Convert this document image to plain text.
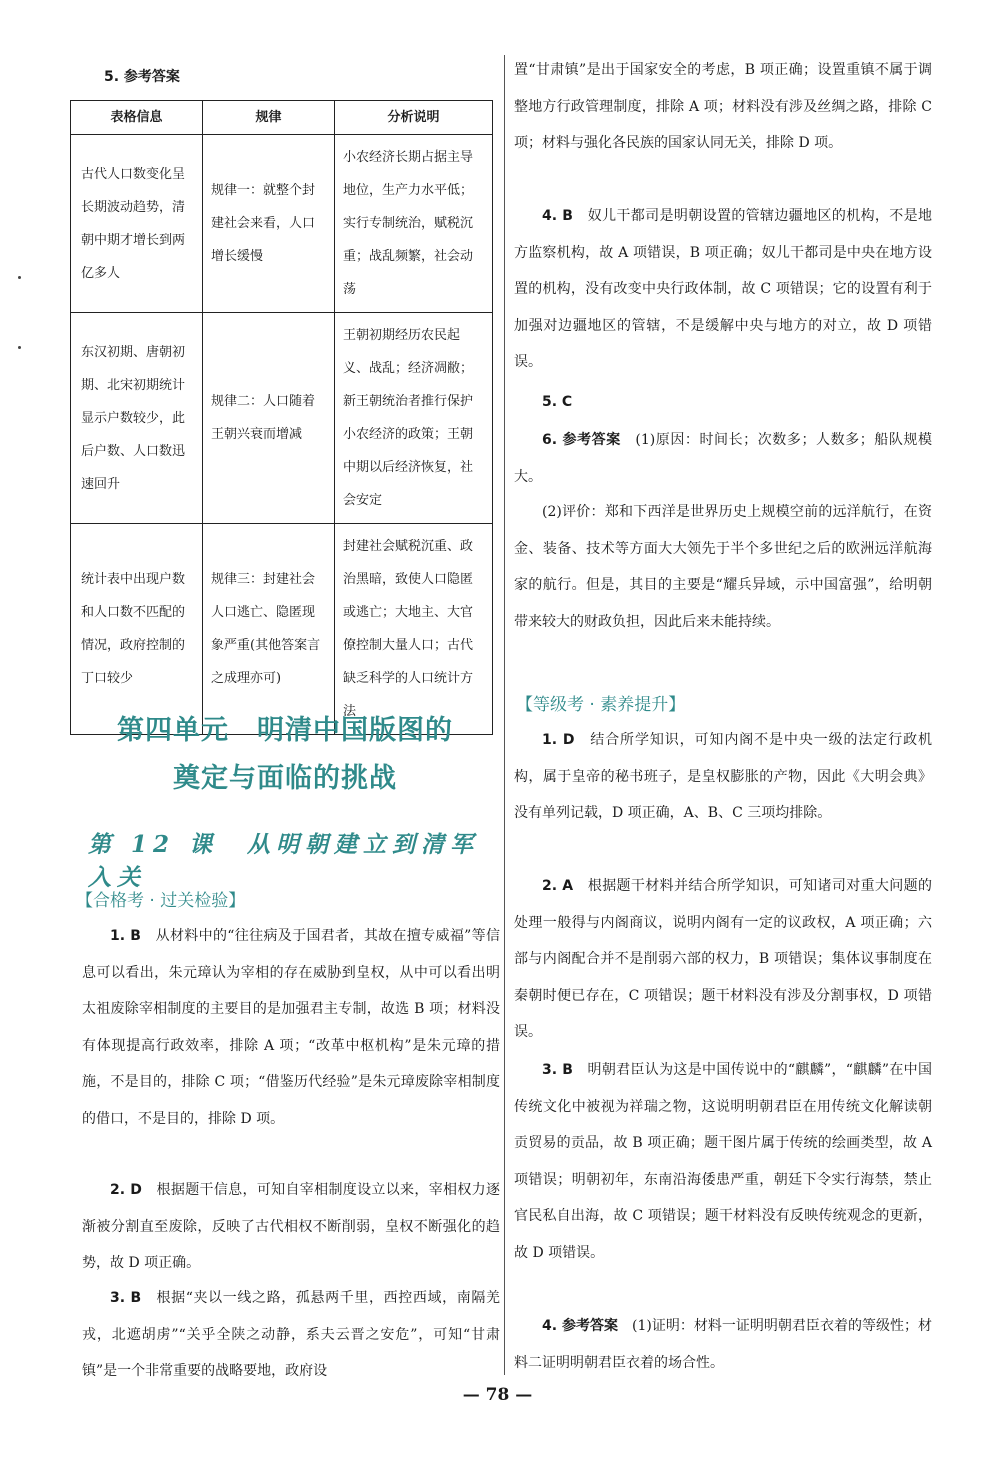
5. 参考答案
表格信息	规律	分析说明
古代人口数变化呈长期波动趋势，清朝中期才增长到两亿多人	规律一：就整个封建社会来看，人口增长缓慢	小农经济长期占据主导地位，生产力水平低；实行专制统治，赋税沉重；战乱频繁，社会动荡
东汉初期、唐朝初期、北宋初期统计显示户数较少，此后户数、人口数迅速回升	规律二：人口随着王朝兴衰而增减	王朝初期经历农民起义、战乱；经济凋敝；新王朝统治者推行保护小农经济的政策；王朝中期以后经济恢复，社会安定
统计表中出现户数和人口数不匹配的情况，政府控制的丁口较少	规律三：封建社会人口逃亡、隐匿现象严重(其他答案言之成理亦可)	封建社会赋税沉重、政治黑暗，致使人口隐匿或逃亡；大地主、大官僚控制大量人口；古代缺乏科学的人口统计方法
第四单元　明清中国版图的
奠定与面临的挑战
第 12 课　从明朝建立到清军入关
【合格考 · 过关检验】

1. B　 从材料中的“往往病及于国君者，其故在擅专威福”等信息可以看出，朱元璋认为宰相的存在威胁到皇权，从中可以看出明太祖废除宰相制度的主要目的是加强君主专制，故选 B 项；材料没有体现提高行政效率，排除 A 项；“改革中枢机构”是朱元璋的措施，不是目的，排除 C 项；“借鉴历代经验”是朱元璋废除宰相制度的借口，不是目的，排除 D 项。

2. D　 根据题干信息，可知自宰相制度设立以来，宰相权力逐渐被分割直至废除，反映了古代相权不断削弱，皇权不断强化的趋势，故 D 项正确。

3. B　 根据“夹以一线之路，孤悬两千里，西控西域，南隔羌戎，北遮胡虏”“关乎全陕之动静，系夫云晋之安危”，可知“甘肃镇”是一个非常重要的战略要地，政府设

置“甘肃镇”是出于国家安全的考虑，B 项正确；设置重镇不属于调整地方行政管理制度，排除 A 项；材料没有涉及丝绸之路，排除 C 项；材料与强化各民族的国家认同无关，排除 D 项。

4. B　 奴儿干都司是明朝设置的管辖边疆地区的机构，不是地方监察机构，故 A 项错误，B 项正确；奴儿干都司是中央在地方设置的机构，没有改变中央行政体制，故 C 项错误；它的设置有利于加强对边疆地区的管辖，不是缓解中央与地方的对立，故 D 项错误。

5. C

6. 参考答案　 (1)原因：时间长；次数多；人数多；船队规模大。

(2)评价：郑和下西洋是世界历史上规模空前的远洋航行，在资金、装备、技术等方面大大领先于半个多世纪之后的欧洲远洋航海家的航行。但是，其目的主要是“耀兵异域，示中国富强”，给明朝带来较大的财政负担，因此后来未能持续。

【等级考 · 素养提升】

1. D　 结合所学知识，可知内阁不是中央一级的法定行政机构，属于皇帝的秘书班子，是皇权膨胀的产物，因此《大明会典》没有单列记载，D 项正确，A、B、C 三项均排除。

2. A　 根据题干材料并结合所学知识，可知诸司对重大问题的处理一般得与内阁商议，说明内阁有一定的议政权，A 项正确；六部与内阁配合并不是削弱六部的权力，B 项错误；集体议事制度在秦朝时便已存在，C 项错误；题干材料没有涉及分割事权，D 项错误。

3. B　 明朝君臣认为这是中国传说中的“麒麟”，“麒麟”在中国传统文化中被视为祥瑞之物，这说明明朝君臣在用传统文化解读朝贡贸易的贡品，故 B 项正确；题干图片属于传统的绘画类型，故 A 项错误；明朝初年，东南沿海倭患严重，朝廷下令实行海禁，禁止官民私自出海，故 C 项错误；题干材料没有反映传统观念的更新，故 D 项错误。

4. 参考答案　 (1)证明：材料一证明明朝君臣衣着的等级性；材料二证明明朝君臣衣着的场合性。

— 78 —
